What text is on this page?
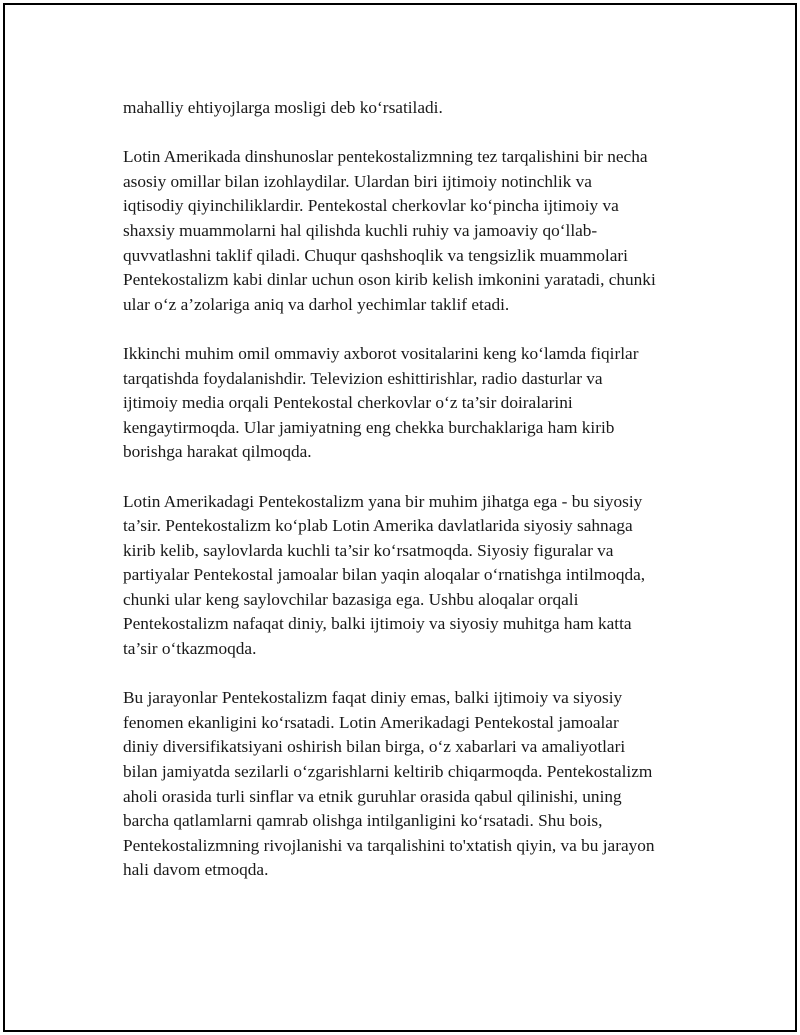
mahalliy ehtiyojlarga mosligi deb ko‘rsatiladi.

Lotin Amerikada dinshunoslar pentekostalizmning tez tarqalishini bir necha
asosiy omillar bilan izohlaydilar. Ulardan biri ijtimoiy notinchlik va
iqtisodiy qiyinchiliklardir. Pentekostal cherkovlar ko‘pincha ijtimoiy va
shaxsiy muammolarni hal qilishda kuchli ruhiy va jamoaviy qo‘llab-
quvvatlashni taklif qiladi. Chuqur qashshoqlik va tengsizlik muammolari
Pentekostalizm kabi dinlar uchun oson kirib kelish imkonini yaratadi, chunki
ular o‘z a’zolariga aniq va darhol yechimlar taklif etadi.

Ikkinchi muhim omil ommaviy axborot vositalarini keng ko‘lamda fiqirlar
tarqatishda foydalanishdir. Televizion eshittirishlar, radio dasturlar va
ijtimoiy media orqali Pentekostal cherkovlar o‘z ta’sir doiralarini
kengaytirmoqda. Ular jamiyatning eng chekka burchaklariga ham kirib
borishga harakat qilmoqda.

Lotin Amerikadagi Pentekostalizm yana bir muhim jihatga ega - bu siyosiy
ta’sir. Pentekostalizm ko‘plab Lotin Amerika davlatlarida siyosiy sahnaga
kirib kelib, saylovlarda kuchli ta’sir ko‘rsatmoqda. Siyosiy figuralar va
partiyalar Pentekostal jamoalar bilan yaqin aloqalar o‘rnatishga intilmoqda,
chunki ular keng saylovchilar bazasiga ega. Ushbu aloqalar orqali
Pentekostalizm nafaqat diniy, balki ijtimoiy va siyosiy muhitga ham katta
ta’sir o‘tkazmoqda.

Bu jarayonlar Pentekostalizm faqat diniy emas, balki ijtimoiy va siyosiy
fenomen ekanligini ko‘rsatadi. Lotin Amerikadagi Pentekostal jamoalar
diniy diversifikatsiyani oshirish bilan birga, o‘z xabarlari va amaliyotlari
bilan jamiyatda sezilarli o‘zgarishlarni keltirib chiqarmoqda. Pentekostalizm
aholi orasida turli sinflar va etnik guruhlar orasida qabul qilinishi, uning
barcha qatlamlarni qamrab olishga intilganligini ko‘rsatadi. Shu bois,
Pentekostalizmning rivojlanishi va tarqalishini to'xtatish qiyin, va bu jarayon
hali davom etmoqda.
